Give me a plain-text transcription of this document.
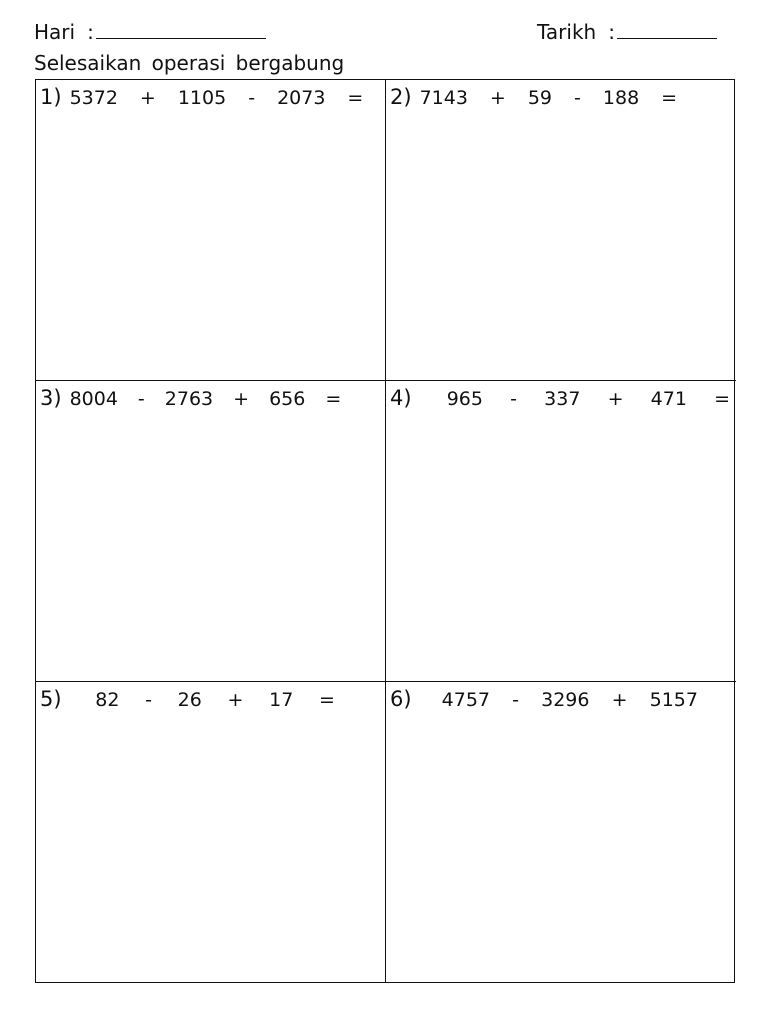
Hari :	Tarikh :
Selesaikan operasi bergabung
1) 5372 + 1105 - 2073 = 2) 7143 + 59 - 188 =
3) 8004 - 2763 + 656 = 4) 965 - 337 + 471 =
5) 82 - 26 + 17 =	6) 4757 - 3296 + 5157
